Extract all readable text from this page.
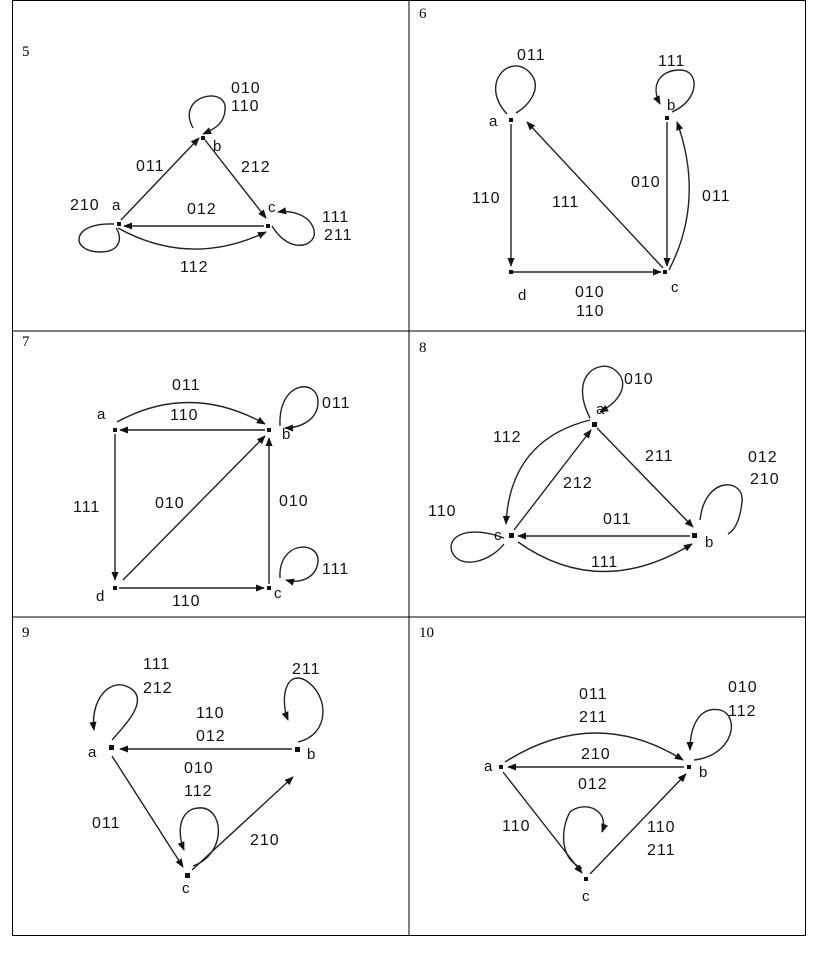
5
a
b
c
011	212
012
112
210
010
110
111
211
6
a
b
c
d
011	111
110	111
010
011
010
110
7
a
b
c
d
011
110
011
111	010	010
111
110
8
a
b
c
010
112
211	012
210
212
110	011
111
9
a	b
c
111
212
211
110
012
010
112
011
210
10
a	b
c
011
211
010
112
210
012
110	110
211
